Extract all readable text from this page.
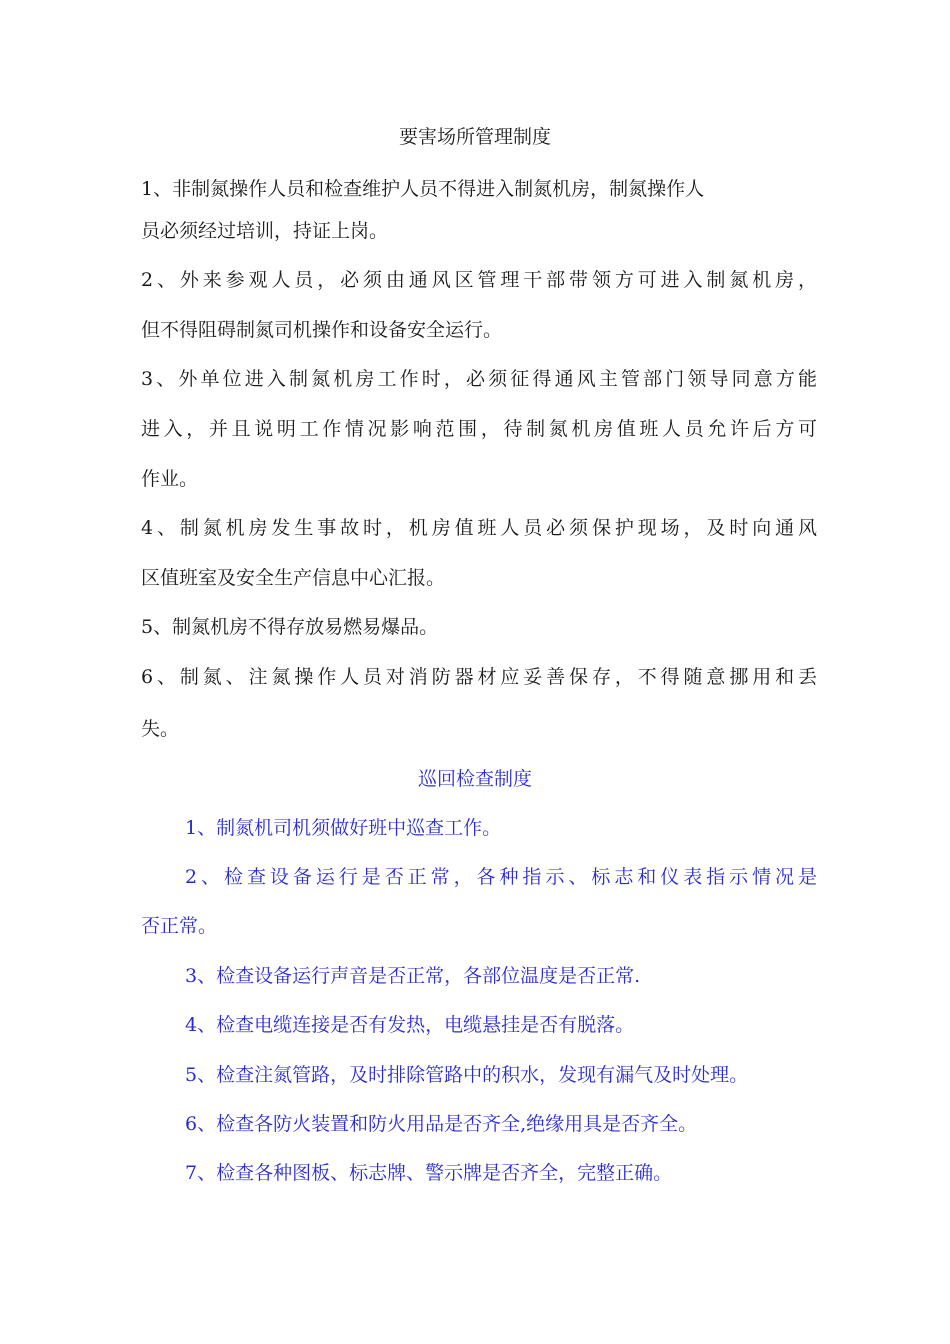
要害场所管理制度
1、非制氮操作人员和检查维护人员不得进入制氮机房，制氮操作人
员必须经过培训，持证上岗。
2、外来参观人员，必须由通风区管理干部带领方可进入制氮机房，
但不得阻碍制氮司机操作和设备安全运行。
3、外单位进入制氮机房工作时，必须征得通风主管部门领导同意方能
进入，并且说明工作情况影响范围，待制氮机房值班人员允许后方可
作业。
4、制氮机房发生事故时，机房值班人员必须保护现场，及时向通风
区值班室及安全生产信息中心汇报。
5、制氮机房不得存放易燃易爆品。
6、制氮、注氮操作人员对消防器材应妥善保存，不得随意挪用和丢
失。
巡回检查制度
1、制氮机司机须做好班中巡查工作。
2、检查设备运行是否正常，各种指示、标志和仪表指示情况是
否正常。
3、检查设备运行声音是否正常，各部位温度是否正常.
4、检查电缆连接是否有发热，电缆悬挂是否有脱落。
5、检查注氮管路，及时排除管路中的积水，发现有漏气及时处理。
6、检查各防火装置和防火用品是否齐全,绝缘用具是否齐全。
7、检查各种图板、标志牌、警示牌是否齐全，完整正确。
